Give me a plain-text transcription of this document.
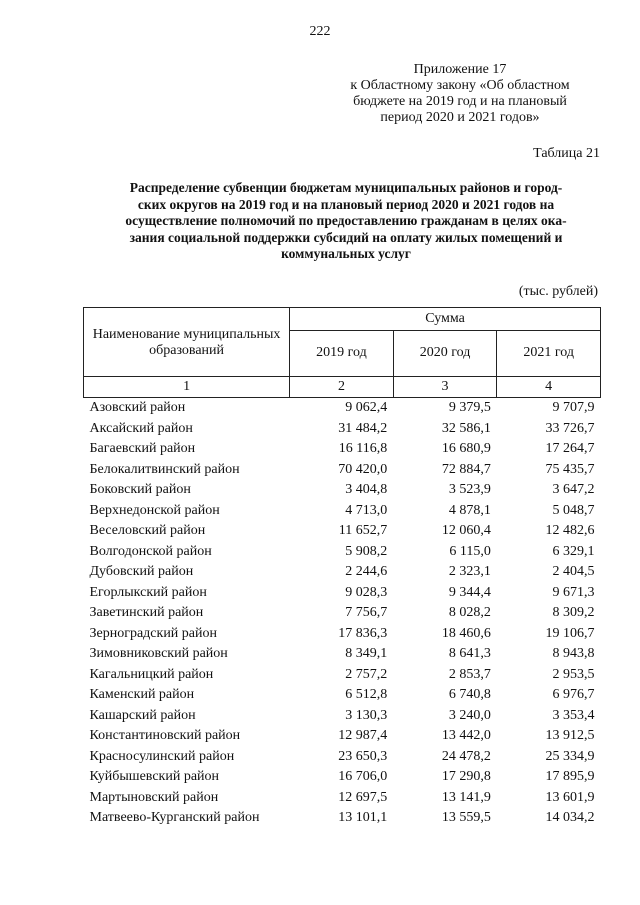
222
Приложение 17
к Областному закону «Об областном
бюджете на 2019 год и на плановый
период 2020 и 2021 годов»
Таблица 21
Распределение субвенции бюджетам муниципальных районов и город-
ских округов на 2019 год и на плановый период 2020 и 2021 годов на
осуществление полномочий по предоставлению гражданам в целях ока-
зания социальной поддержки субсидий на оплату жилых помещений и
коммунальных услуг
(тыс. рублей)
Наименование муниципальных образований	Сумма		
	2019 год	2020 год	2021 год
1	2	3	4
Азовский район	9 062,4	9 379,5	9 707,9
Аксайский район	31 484,2	32 586,1	33 726,7
Багаевский район	16 116,8	16 680,9	17 264,7
Белокалитвинский район	70 420,0	72 884,7	75 435,7
Боковский район	3 404,8	3 523,9	3 647,2
Верхнедонской район	4 713,0	4 878,1	5 048,7
Веселовский район	11 652,7	12 060,4	12 482,6
Волгодонской район	5 908,2	6 115,0	6 329,1
Дубовский район	2 244,6	2 323,1	2 404,5
Егорлыкский район	9 028,3	9 344,4	9 671,3
Заветинский район	7 756,7	8 028,2	8 309,2
Зерноградский район	17 836,3	18 460,6	19 106,7
Зимовниковский район	8 349,1	8 641,3	8 943,8
Кагальницкий район	2 757,2	2 853,7	2 953,5
Каменский район	6 512,8	6 740,8	6 976,7
Кашарский район	3 130,3	3 240,0	3 353,4
Константиновский район	12 987,4	13 442,0	13 912,5
Красносулинский район	23 650,3	24 478,2	25 334,9
Куйбышевский район	16 706,0	17 290,8	17 895,9
Мартыновский район	12 697,5	13 141,9	13 601,9
Матвеево-Курганский район	13 101,1	13 559,5	14 034,2
